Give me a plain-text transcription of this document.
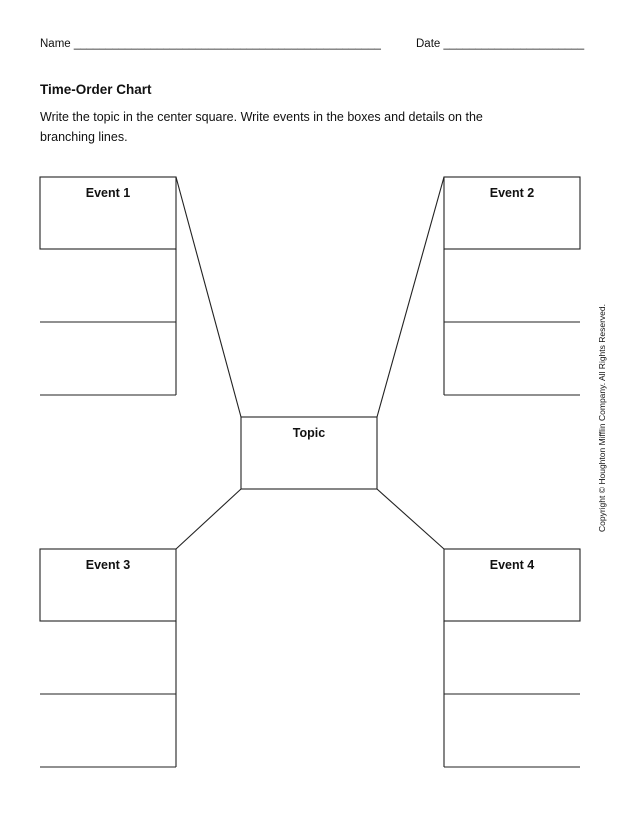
Name ________________________________________________	Date ______________________
Time-Order Chart

Write the topic in the center square. Write events in the boxes and details on the branching lines.

Topic
Event 1	Event 2
Event 3	Event 4
Copyright © Houghton Mifflin Company. All Rights Reserved.
